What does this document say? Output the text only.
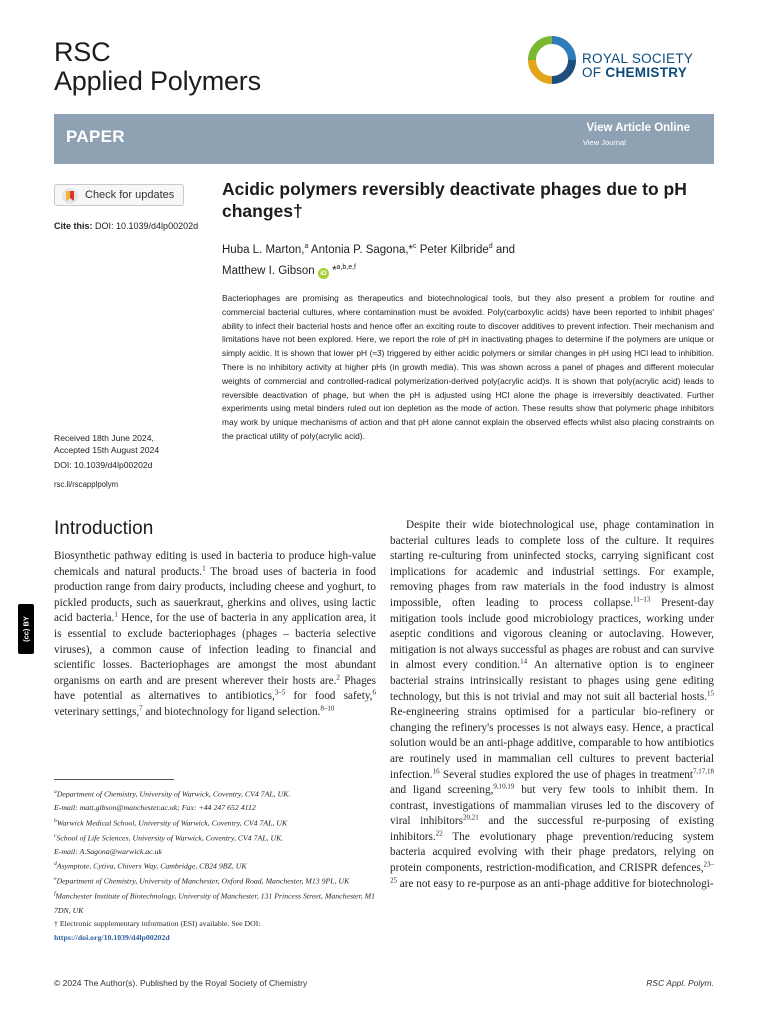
RSC
Applied Polymers
ROYAL SOCIETY
OF CHEMISTRY
PAPER	View Article Online
View Journal
Check for updates
Cite this: DOI: 10.1039/d4lp00202d
Acidic polymers reversibly deactivate phages due to pH changes†
Huba L. Marton,$^a$ Antonia P. Sagona,*$^c$ Peter Kilbride$^d$ and
Matthew I. Gibson iD *$^{a,b,e,f}$
Bacteriophages are promising as therapeutics and biotechnological tools, but they also present a problem for routine and commercial bacterial cultures, where contamination must be avoided. Poly(carboxylic acids) have been reported to inhibit phages' ability to infect their bacterial hosts and hence offer an exciting route to discover additives to prevent infection. Their mechanism and limitations have not been explored. Here, we report the role of pH in inactivating phages to determine if the polymers are unique or simply acidic. It is shown that lower pH (≈3) triggered by either acidic polymers or similar changes in pH using HCl lead to inhibition. There is no inhibitory activity at higher pHs (in growth media). This was shown across a panel of phages and different molecular weights of commercial and controlled-radical polymerization-derived poly(acrylic acid)s. It is shown that poly(acrylic acid) leads to reversible deactivation of phage, but when the pH is adjusted using HCl alone the phage is irreversibly deactivated. Further experiments using metal binders ruled out ion depletion as the mode of action. These results show that polymeric phage inhibitors may work by unique mechanisms of action and that pH alone cannot explain the observed effects whilst also placing constraints on the practical utility of poly(acrylic acid).
Received 18th June 2024,
Accepted 15th August 2024
DOI: 10.1039/d4lp00202d
rsc.li/rscapplpolym
(cc) BY
Introduction

Biosynthetic pathway editing is used in bacteria to produce high-value chemicals and natural products.$^1$ The broad uses of bacteria in food production range from dairy products, including cheese and yoghurt, to pickled products, such as sauerkraut, gherkins and olives, using lactic acid bacteria.$^1$ Hence, for the use of bacteria in any application area, it is essential to exclude bacteriophages (phages – bacteria selective viruses), a common cause of infection leading to financial and scientific losses. Bacteriophages are amongst the most abundant organisms on earth and are present wherever their hosts are.$^2$ Phages have potential as alternatives to antibiotics,$^{3-5}$ for food safety,$^6$ veterinary settings,$^7$ and biotechnology for ligand selection.$^{8-10}$

Despite their wide biotechnological use, phage contamination in bacterial cultures leads to complete loss of the culture. It requires starting re-culturing from uninfected stocks, carrying significant cost implications for academic and industrial settings. For example, removing phages from raw materials in the food industry is almost impossible, often leading to process collapse.$^{11-13}$ Present-day mitigation tools include good microbiology practices, working under aseptic conditions and vigorous cleaning or autoclaving. However, mitigation is not always successful as phages are robust and can survive in almost every condition.$^{14}$ An alternative option is to engineer bacterial strains intrinsically resistant to phages using gene editing technology, but this is not trivial and may not suit all bacterial hosts.$^{15}$ Re-engineering strains optimised for a particular bio-refinery or changing the refinery's processes is not always easy. Hence, a practical solution would be an anti-phage additive, comparable to how antibiotics are routinely used in mammalian cell cultures to prevent bacterial infection.$^{16}$ Several studies explored the use of phages in treatment$^{7,17,18}$ and ligand screening,$^{9,10,19}$ but very few tools to inhibit them. In contrast, investigations of mammalian viruses led to the discovery of viral inhibitors$^{20,21}$ and the successful re-purposing of existing inhibitors.$^{22}$ The evolutionary phage prevention/reducing system bacteria acquired evolving with their phage predators, relying on protein components, restriction-modification, and CRISPR defences,$^{23-25}$ are not easy to re-purpose as an anti-phage additive for biotechnologi-

$^a$Department of Chemistry, University of Warwick, Coventry, CV4 7AL, UK.
E-mail: matt.gibson@manchester.ac.uk; Fax: +44 247 652 4112
$^b$Warwick Medical School, University of Warwick, Coventry, CV4 7AL, UK
$^c$School of Life Sciences, University of Warwick, Coventry, CV4 7AL, UK.
E-mail: A.Sagona@warwick.ac.uk
$^d$Asymptote, Cytiva, Chivers Way, Cambridge, CB24 9BZ, UK
$^e$Department of Chemistry, University of Manchester, Oxford Road, Manchester, M13 9PL, UK
$^f$Manchester Institute of Biotechnology, University of Manchester, 131 Princess Street, Manchester, M1 7DN, UK
† Electronic supplementary information (ESI) available. See DOI: https://doi.org/10.1039/d4lp00202d
© 2024 The Author(s). Published by the Royal Society of Chemistry	RSC Appl. Polym.
